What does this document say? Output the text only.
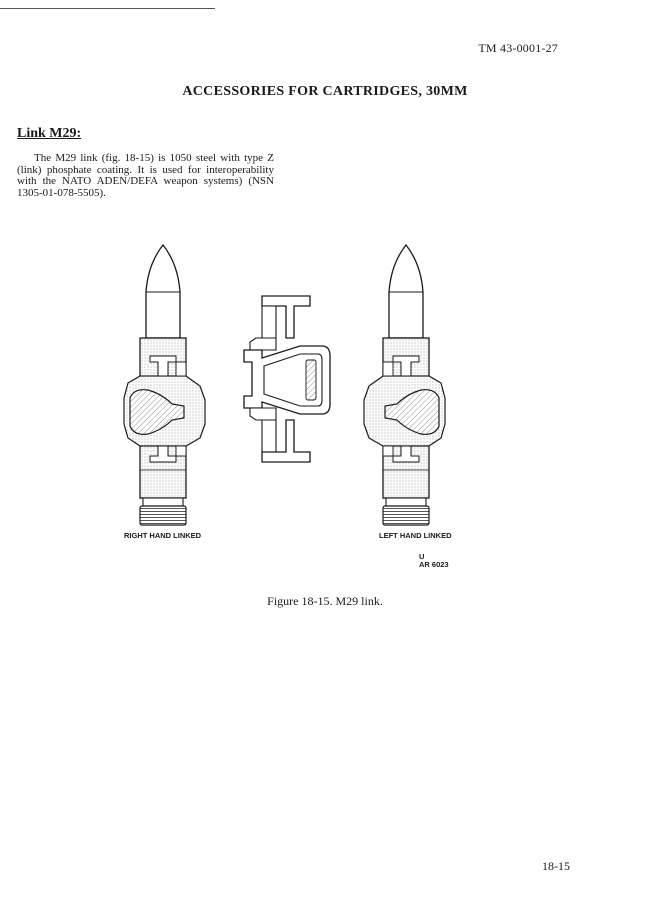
TM 43-0001-27
ACCESSORIES FOR CARTRIDGES, 30MM
Link M29:

The M29 link (fig. 18-15) is 1050 steel with type Z (link) phosphate coating. It is used for interoperability with the NATO ADEN/DEFA weapon systems) (NSN 1305-01-078-5505).

RIGHT HAND LINKED	LEFT HAND LINKED
U
AR 6023
Figure 18-15. M29 link.
18-15
